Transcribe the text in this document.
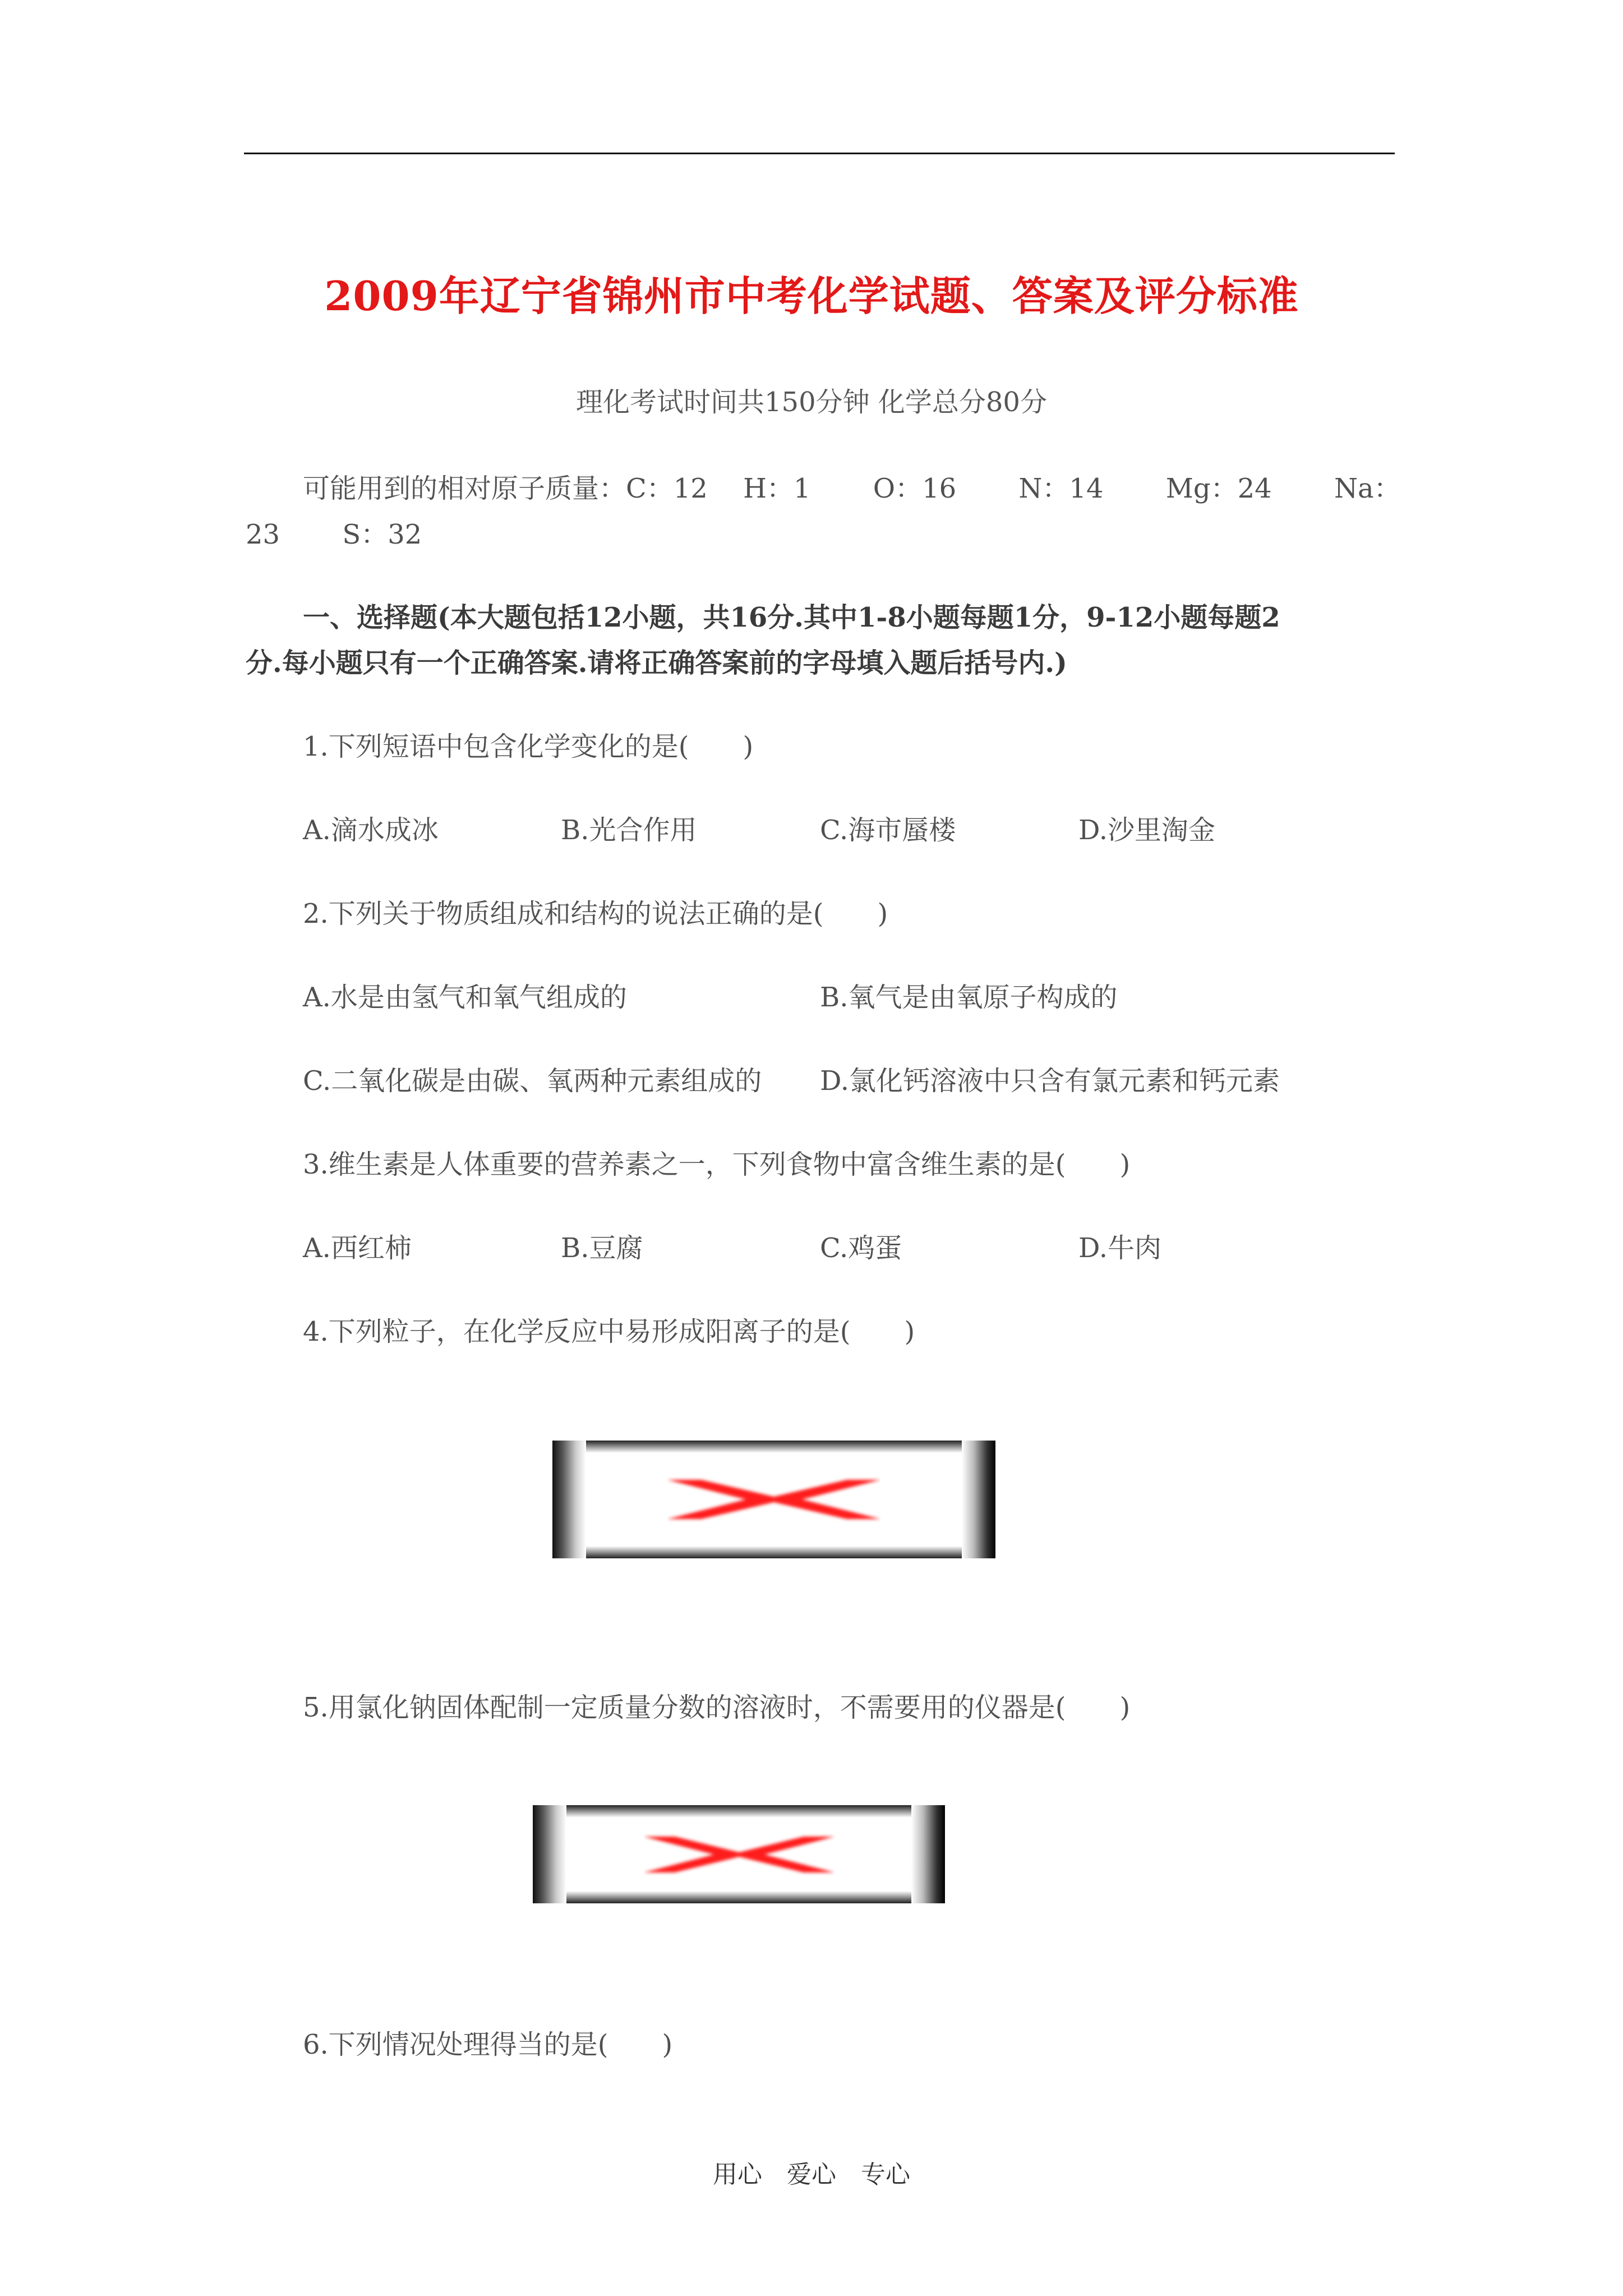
2009年辽宁省锦州市中考化学试题、答案及评分标准
理化考试时间共150分钟 化学总分80分
可能用到的相对原子质量：C：12　 H：1　　 O：16　　 N：14　　 Mg：24　　 Na：
23　　 S：32
一、选择题(本大题包括12小题，共16分.其中1-8小题每题1分，9-12小题每题2
分.每小题只有一个正确答案.请将正确答案前的字母填入题后括号内.)
1.下列短语中包含化学变化的是(　　)
A.滴水成冰	B.光合作用	C.海市蜃楼	D.沙里淘金
2.下列关于物质组成和结构的说法正确的是(　　)
A.水是由氢气和氧气组成的	B.氧气是由氧原子构成的
C.二氧化碳是由碳、氧两种元素组成的 D.氯化钙溶液中只含有氯元素和钙元素
3.维生素是人体重要的营养素之一，下列食物中富含维生素的是(　　)
A.西红柿	B.豆腐	C.鸡蛋	D.牛肉
4.下列粒子，在化学反应中易形成阳离子的是(　　)
5.用氯化钠固体配制一定质量分数的溶液时，不需要用的仪器是(　　)
6.下列情况处理得当的是(　　)
用心　爱心　专心
